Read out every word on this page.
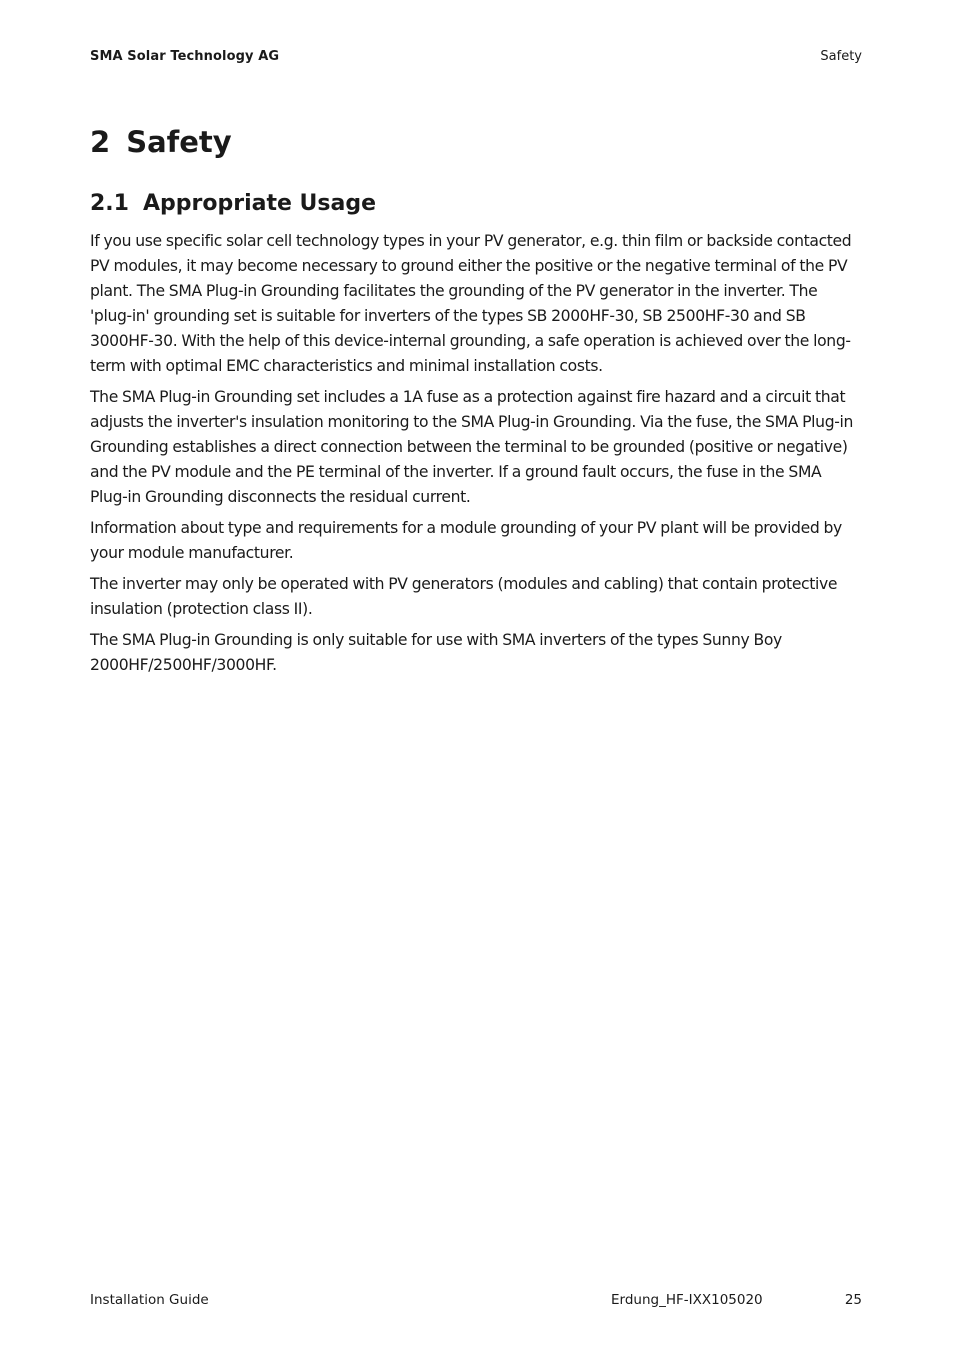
SMA Solar Technology AG	Safety
2 Safety
2.1 Appropriate Usage

If you use specific solar cell technology types in your PV generator, e.g. thin film or backside contacted PV modules, it may become necessary to ground either the positive or the negative terminal of the PV plant. The SMA Plug-in Grounding facilitates the grounding of the PV generator in the inverter. The 'plug-in' grounding set is suitable for inverters of the types SB 2000HF-30, SB 2500HF-30 and SB 3000HF-30. With the help of this device-internal grounding, a safe operation is achieved over the long-term with optimal EMC characteristics and minimal installation costs.

The SMA Plug-in Grounding set includes a 1A fuse as a protection against fire hazard and a circuit that adjusts the inverter's insulation monitoring to the SMA Plug-in Grounding. Via the fuse, the SMA Plug-in Grounding establishes a direct connection between the terminal to be grounded (positive or negative) and the PV module and the PE terminal of the inverter. If a ground fault occurs, the fuse in the SMA Plug-in Grounding disconnects the residual current.

Information about type and requirements for a module grounding of your PV plant will be provided by your module manufacturer.

The inverter may only be operated with PV generators (modules and cabling) that contain protective insulation (protection class II).

The SMA Plug-in Grounding is only suitable for use with SMA inverters of the types Sunny Boy 2000HF/2500HF/3000HF.

Installation Guide	Erdung_HF-IXX105020	25
